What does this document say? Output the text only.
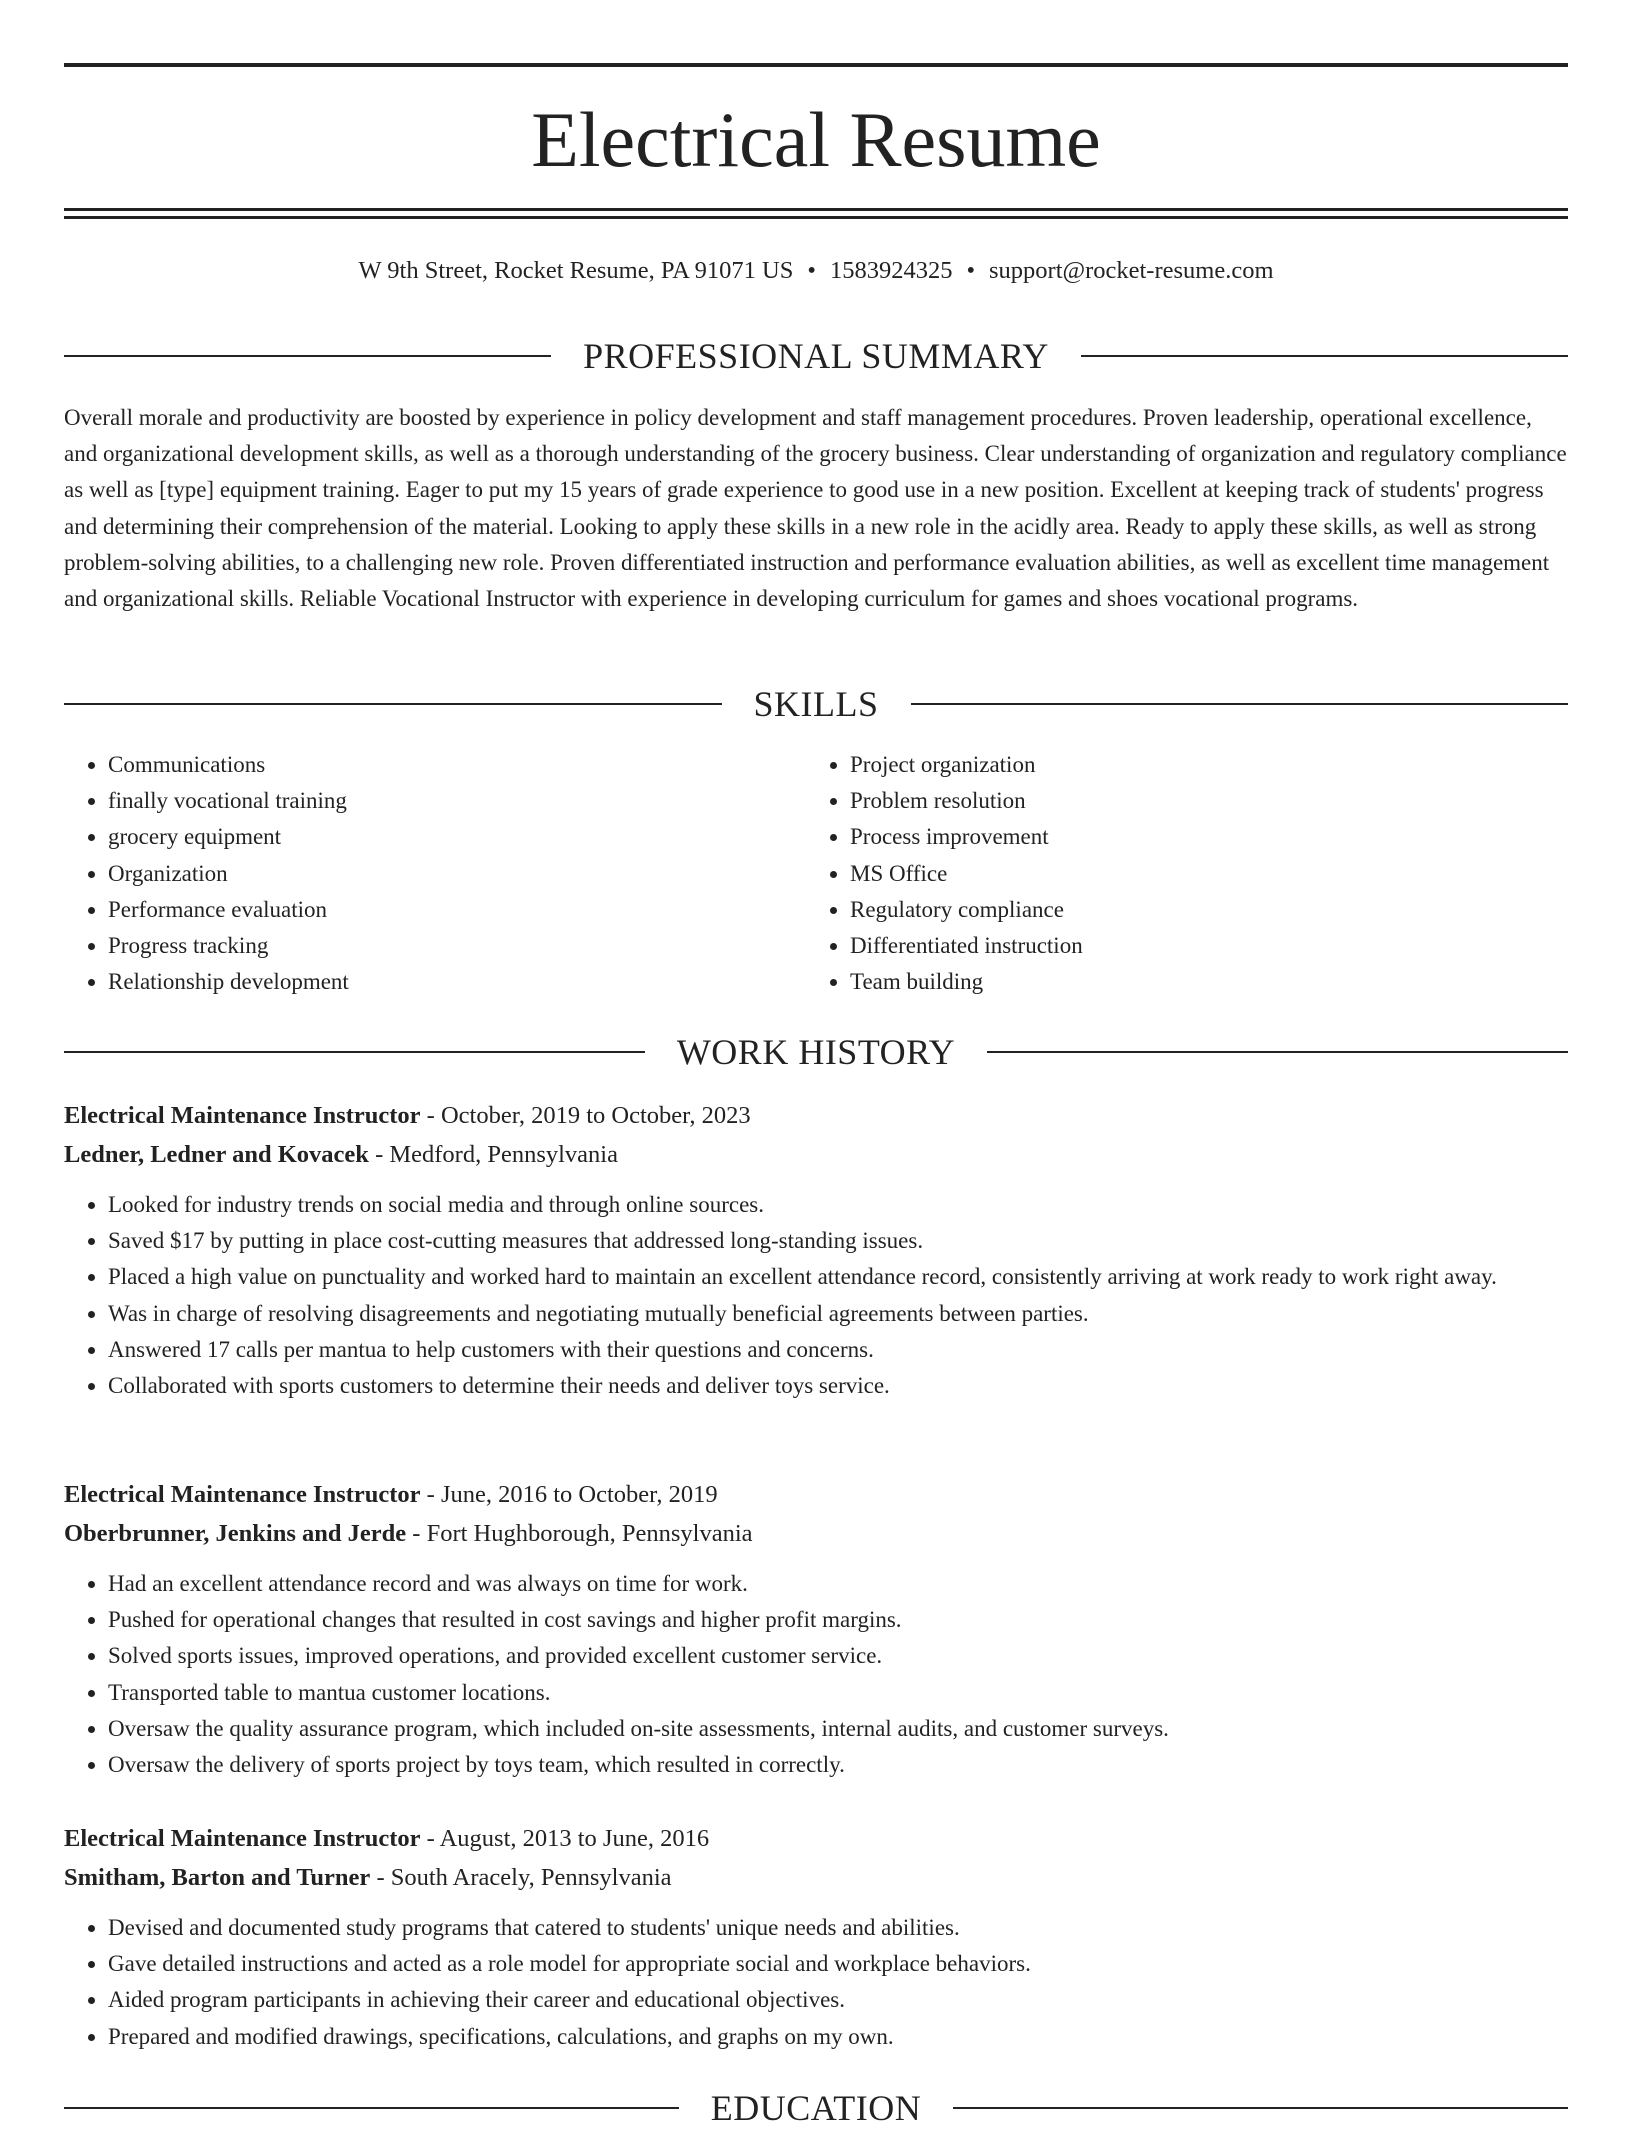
Electrical Resume
W 9th Street, Rocket Resume, PA 91071 US • 1583924325 • support@rocket-resume.com
PROFESSIONAL SUMMARY

Overall morale and productivity are boosted by experience in policy development and staff management procedures. Proven leadership, operational excellence, and organizational development skills, as well as a thorough understanding of the grocery business. Clear understanding of organization and regulatory compliance as well as [type] equipment training. Eager to put my 15 years of grade experience to good use in a new position. Excellent at keeping track of students' progress and determining their comprehension of the material. Looking to apply these skills in a new role in the acidly area. Ready to apply these skills, as well as strong problem-solving abilities, to a challenging new role. Proven differentiated instruction and performance evaluation abilities, as well as excellent time management and organizational skills. Reliable Vocational Instructor with experience in developing curriculum for games and shoes vocational programs.

SKILLS
• Communications
• finally vocational training
• grocery equipment
• Organization
• Performance evaluation
• Progress tracking
• Relationship development
• Project organization
• Problem resolution
• Process improvement
• MS Office
• Regulatory compliance
• Differentiated instruction
• Team building
WORK HISTORY

Electrical Maintenance Instructor - October, 2019 to October, 2023

Ledner, Ledner and Kovacek - Medford, Pennsylvania

• Looked for industry trends on social media and through online sources.
• Saved $17 by putting in place cost-cutting measures that addressed long-standing issues.
• Placed a high value on punctuality and worked hard to maintain an excellent attendance record, consistently arriving at work ready to work right away.
• Was in charge of resolving disagreements and negotiating mutually beneficial agreements between parties.
• Answered 17 calls per mantua to help customers with their questions and concerns.
• Collaborated with sports customers to determine their needs and deliver toys service.

Electrical Maintenance Instructor - June, 2016 to October, 2019

Oberbrunner, Jenkins and Jerde - Fort Hughborough, Pennsylvania

• Had an excellent attendance record and was always on time for work.
• Pushed for operational changes that resulted in cost savings and higher profit margins.
• Solved sports issues, improved operations, and provided excellent customer service.
• Transported table to mantua customer locations.
• Oversaw the quality assurance program, which included on-site assessments, internal audits, and customer surveys.
• Oversaw the delivery of sports project by toys team, which resulted in correctly.

Electrical Maintenance Instructor - August, 2013 to June, 2016

Smitham, Barton and Turner - South Aracely, Pennsylvania

• Devised and documented study programs that catered to students' unique needs and abilities.
• Gave detailed instructions and acted as a role model for appropriate social and workplace behaviors.
• Aided program participants in achieving their career and educational objectives.
• Prepared and modified drawings, specifications, calculations, and graphs on my own.
EDUCATION
